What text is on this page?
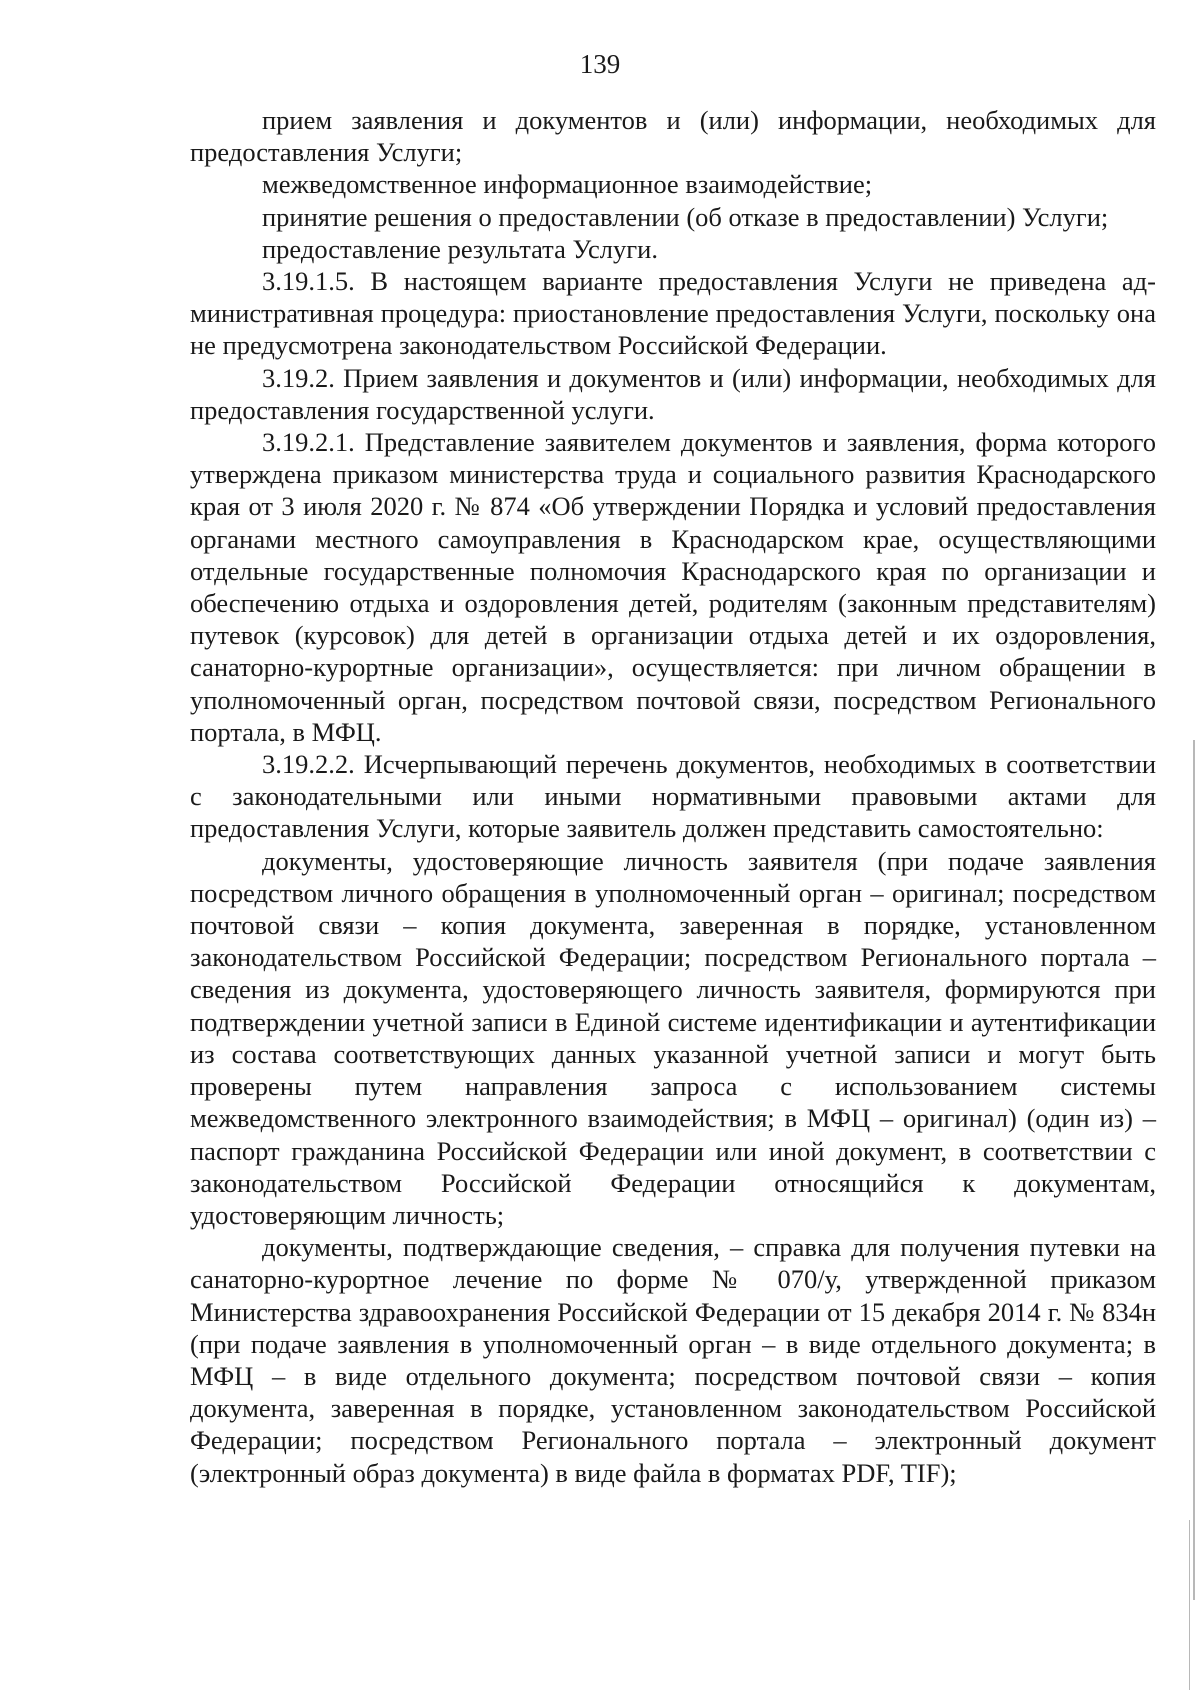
139

прием заявления и документов и (или) информации, необходимых для предоставления Услуги;

межведомственное информационное взаимодействие;

принятие решения о предоставлении (об отказе в предоставлении) Услуги;

предоставление результата Услуги.

3.19.1.5. В настоящем варианте предоставления Услуги не приведена административная процедура: приостановление предоставления Услуги, поскольку она не предусмотрена законодательством Российской Федерации.

3.19.2. Прием заявления и документов и (или) информации, необходимых для предоставления государственной услуги.

3.19.2.1. Представление заявителем документов и заявления, форма которого утверждена приказом министерства труда и социального развития Краснодарского края от 3 июля 2020 г. № 874 «Об утверждении Порядка и условий предоставления органами местного самоуправления в Краснодарском крае, осуществляющими отдельные государственные полномочия Краснодарского края по организации и обеспечению отдыха и оздоровления детей, родителям (законным представителям) путевок (курсовок) для детей в организации отдыха детей и их оздоровления, санаторно-курортные организации», осуществляется: при личном обращении в уполномоченный орган, посредством почтовой связи, посредством Регионального портала, в МФЦ.

3.19.2.2. Исчерпывающий перечень документов, необходимых в соответствии с законодательными или иными нормативными правовыми актами для предоставления Услуги, которые заявитель должен представить самостоятельно:

документы, удостоверяющие личность заявителя (при подаче заявления посредством личного обращения в уполномоченный орган – оригинал; посредством почтовой связи – копия документа, заверенная в порядке, установленном законодательством Российской Федерации; посредством Регионального портала – сведения из документа, удостоверяющего личность заявителя, формируются при подтверждении учетной записи в Единой системе идентификации и аутентификации из состава соответствующих данных указанной учетной записи и могут быть проверены путем направления запроса с использованием системы межведомственного электронного взаимодействия; в МФЦ – оригинал) (один из) – паспорт гражданина Российской Федерации или иной документ, в соответствии с законодательством Российской Федерации относящийся к документам, удостоверяющим личность;

документы, подтверждающие сведения, – справка для получения путевки на санаторно-курортное лечение по форме № 070/у, утвержденной приказом Министерства здравоохранения Российской Федерации от 15 декабря 2014 г. № 834н (при подаче заявления в уполномоченный орган – в виде отдельного документа; в МФЦ – в виде отдельного документа; посредством почтовой связи – копия документа, заверенная в порядке, установленном законодательством Российской Федерации; посредством Регионального портала – электронный документ (электронный образ документа) в виде файла в форматах PDF, TIF);
